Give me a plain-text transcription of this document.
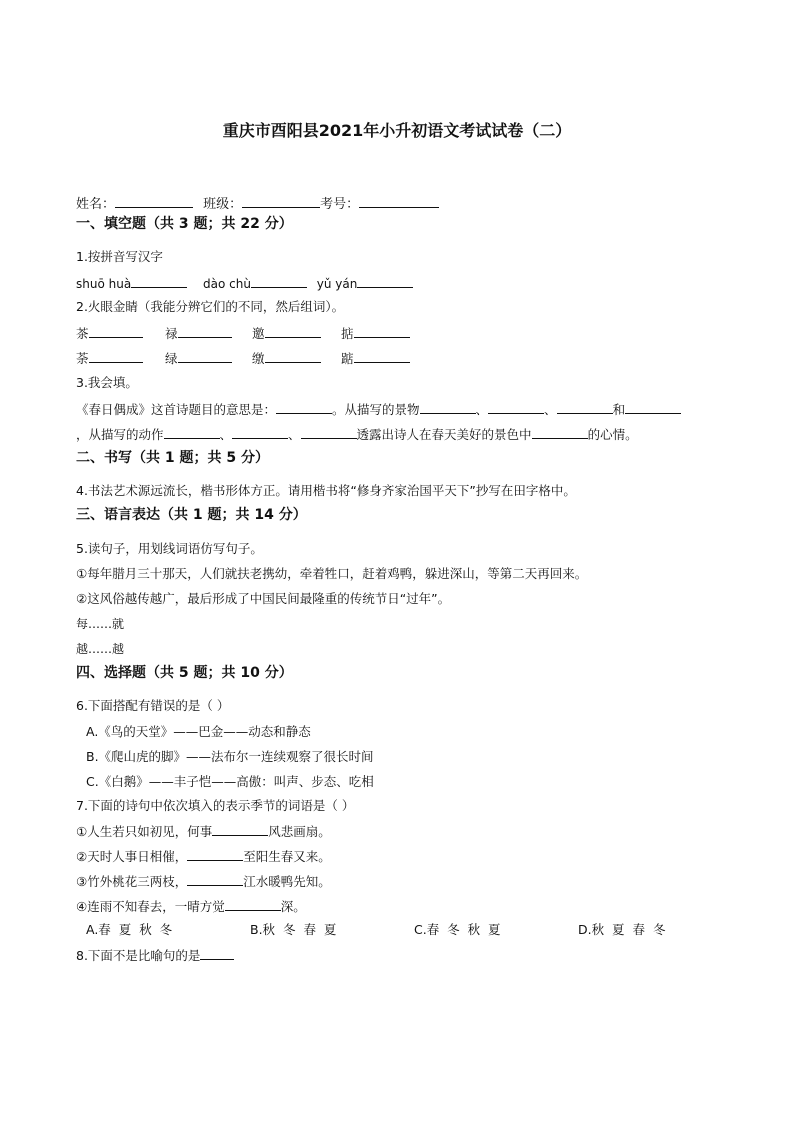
重庆市酉阳县2021年小升初语文考试试卷（二）
姓名：	班级：	考号：
一、填空题（共 3 题；共 22 分）
1.按拼音写汉字
shuō huà	dào chù	yǔ yán
2.火眼金睛（我能分辨它们的不同，然后组词）。
茶	禄	邀	掂
荼	绿	缴	踮
3.我会填。
《春日偶成》这首诗题目的意思是：	。从描写的景物	、	、	和
，从描写的动作	、	、	透露出诗人在春天美好的景色中	的心情。
二、书写（共 1 题；共 5 分）
4.书法艺术源远流长，楷书形体方正。请用楷书将“修身齐家治国平天下”抄写在田字格中。
三、语言表达（共 1 题；共 14 分）
5.读句子，用划线词语仿写句子。
①每年腊月三十那天，人们就扶老携幼，牵着牲口，赶着鸡鸭，躲进深山，等第二天再回来。
②这风俗越传越广，最后形成了中国民间最隆重的传统节日“过年”。
每……就
越……越
四、选择题（共 5 题；共 10 分）
6.下面搭配有错误的是（ ）
A.《鸟的天堂》——巴金——动态和静态
B.《爬山虎的脚》——法布尔一连续观察了很长时间
C.《白鹅》——丰子恺——高傲：叫声、步态、吃相
7.下面的诗句中依次填入的表示季节的词语是（ ）
①人生若只如初见，何事	风悲画扇。
②天时人事日相催，	至阳生春又来。
③竹外桃花三两枝，	江水暖鸭先知。
④连雨不知春去，一晴方觉	深。
A.春  夏  秋  冬	B.秋  冬  春  夏	C.春  冬  秋  夏	D.秋  夏  春  冬
8.下面不是比喻句的是
